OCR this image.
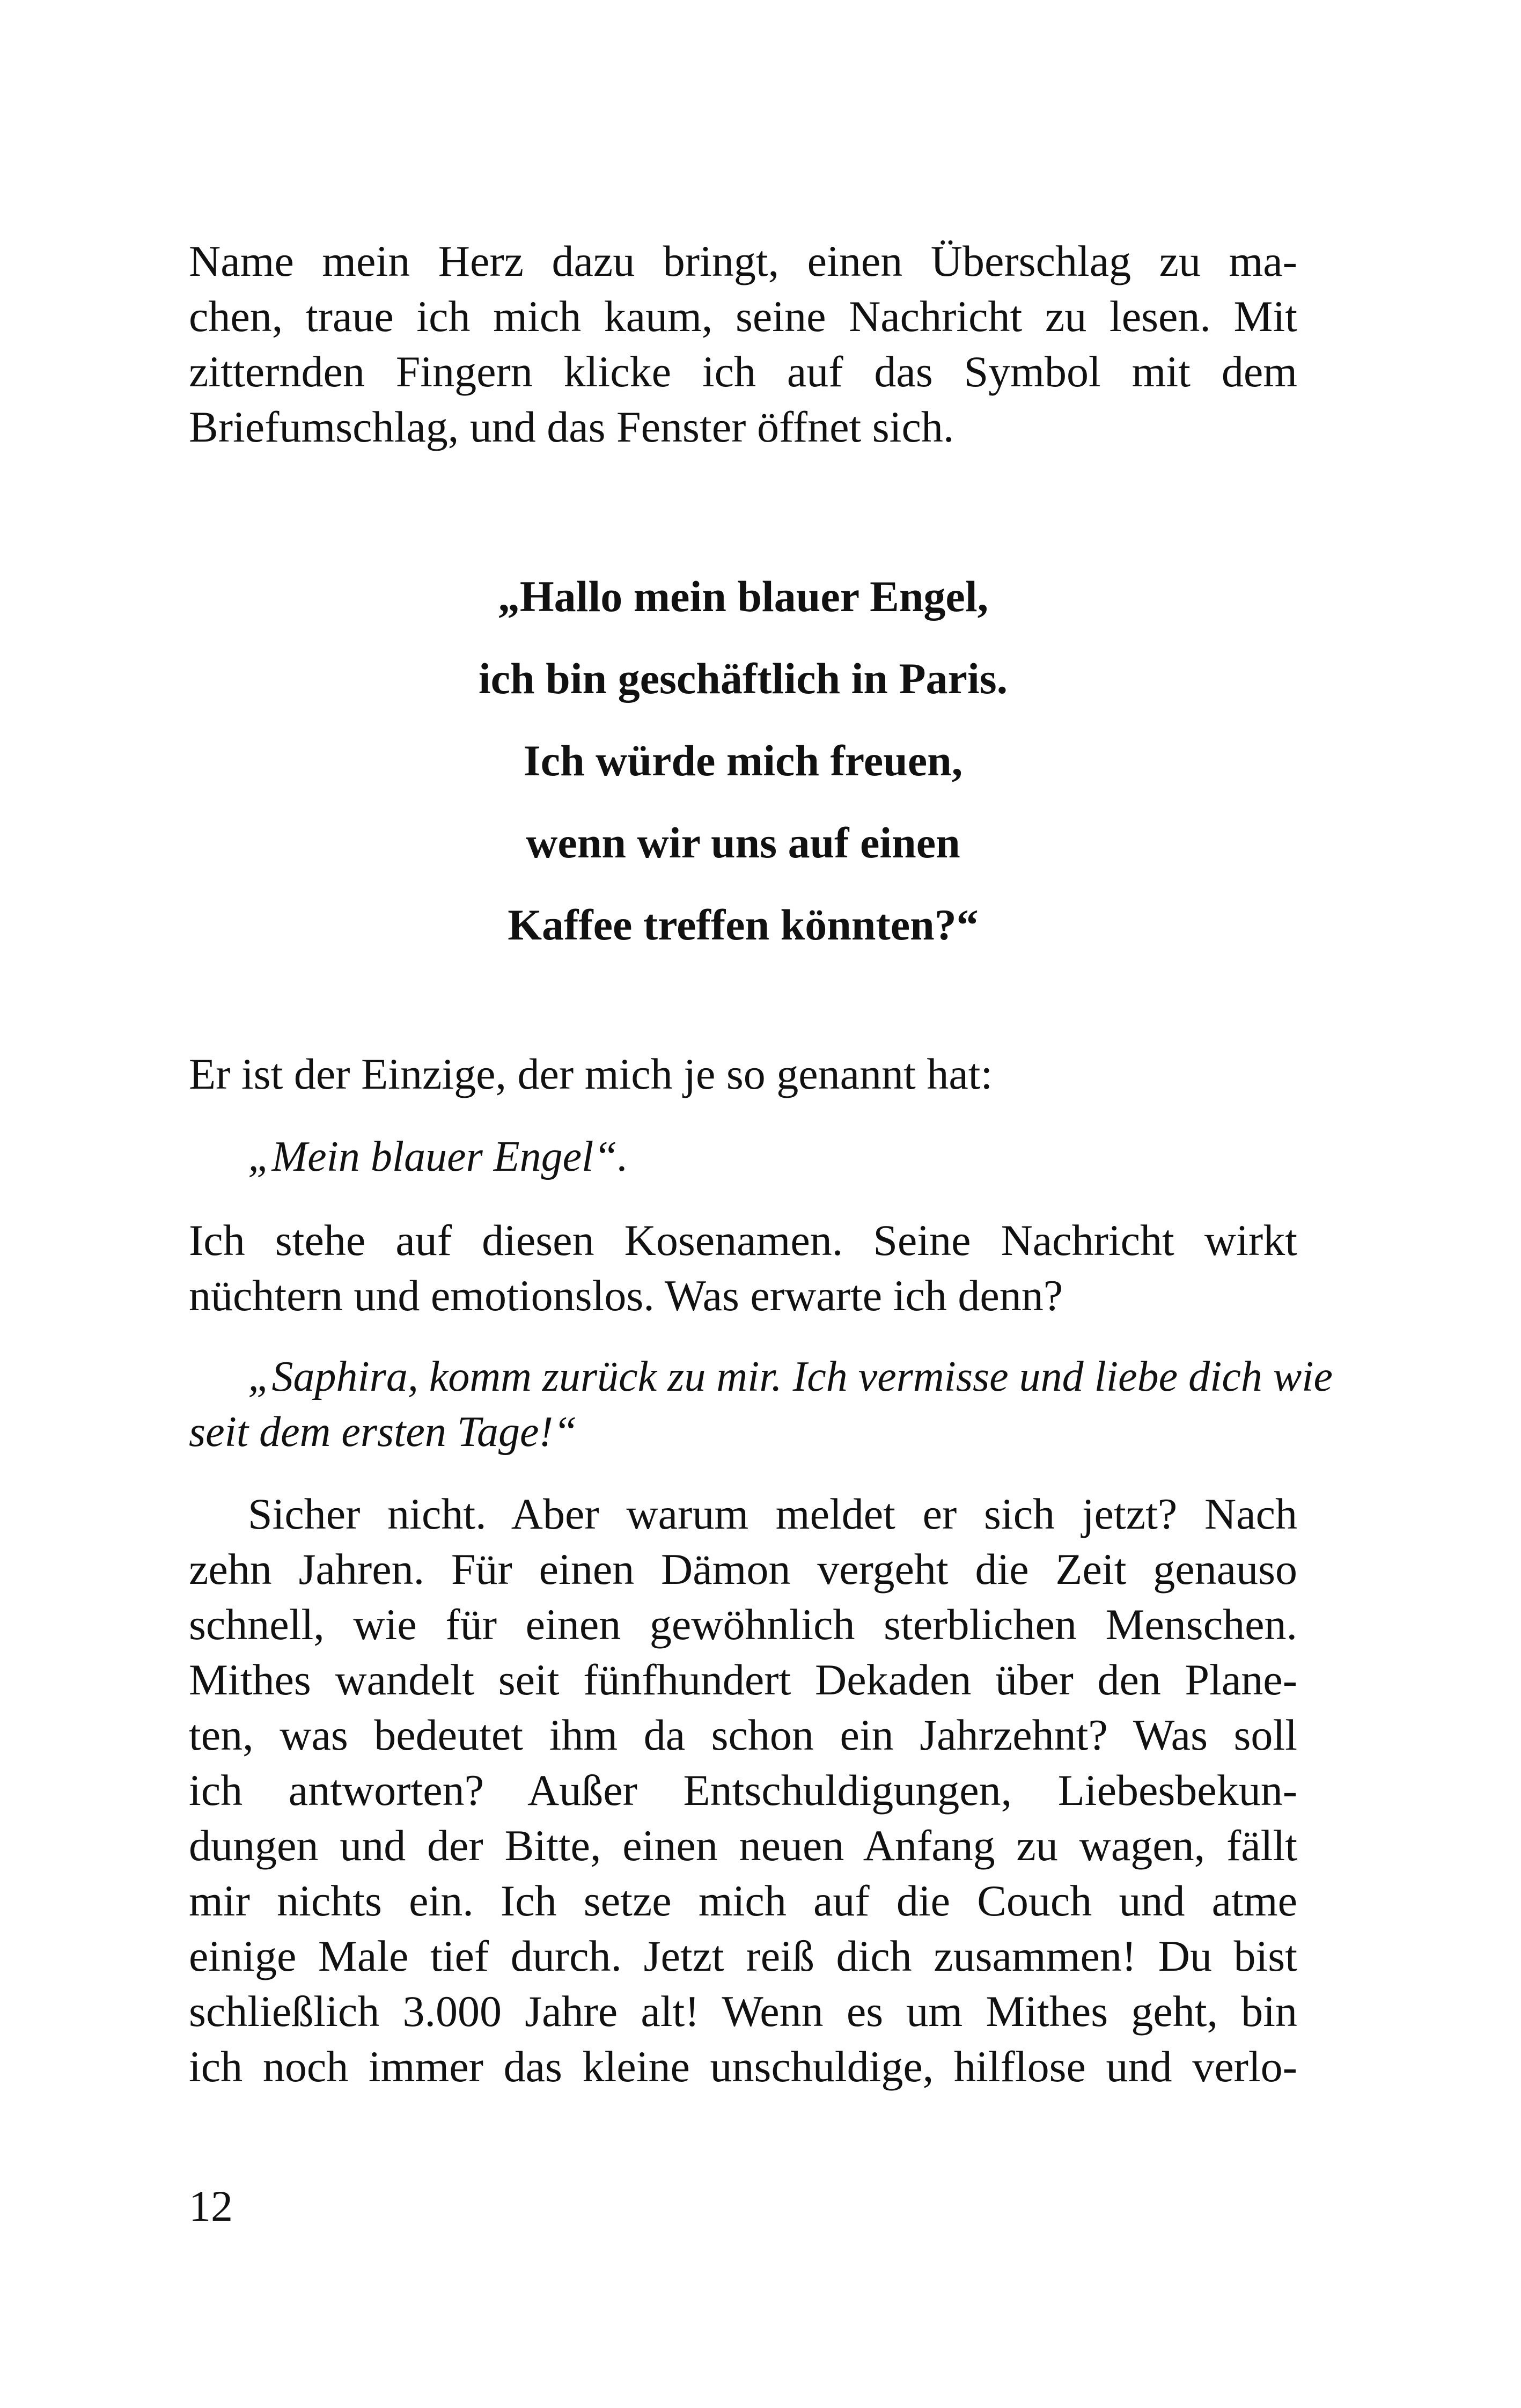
Name mein Herz dazu bringt, einen Überschlag zu ma-
chen, traue ich mich kaum, seine Nachricht zu lesen. Mit
zitternden Fingern klicke ich auf das Symbol mit dem
Briefumschlag, und das Fenster öffnet sich.
„Hallo mein blauer Engel,
ich bin geschäftlich in Paris.
Ich würde mich freuen,
wenn wir uns auf einen
Kaffee treffen könnten?“
Er ist der Einzige, der mich je so genannt hat:
„Mein blauer Engel“.
Ich stehe auf diesen Kosenamen. Seine Nachricht wirkt
nüchtern und emotionslos. Was erwarte ich denn?
„Saphira, komm zurück zu mir. Ich vermisse und liebe dich wie
seit dem ersten Tage!“
Sicher nicht. Aber warum meldet er sich jetzt? Nach
zehn Jahren. Für einen Dämon vergeht die Zeit genauso
schnell, wie für einen gewöhnlich sterblichen Menschen.
Mithes wandelt seit fünfhundert Dekaden über den Plane-
ten, was bedeutet ihm da schon ein Jahrzehnt? Was soll
ich antworten? Außer Entschuldigungen, Liebesbekun-
dungen und der Bitte, einen neuen Anfang zu wagen, fällt
mir nichts ein. Ich setze mich auf die Couch und atme
einige Male tief durch. Jetzt reiß dich zusammen! Du bist
schließlich 3.000 Jahre alt! Wenn es um Mithes geht, bin
ich noch immer das kleine unschuldige, hilflose und verlo-
12
